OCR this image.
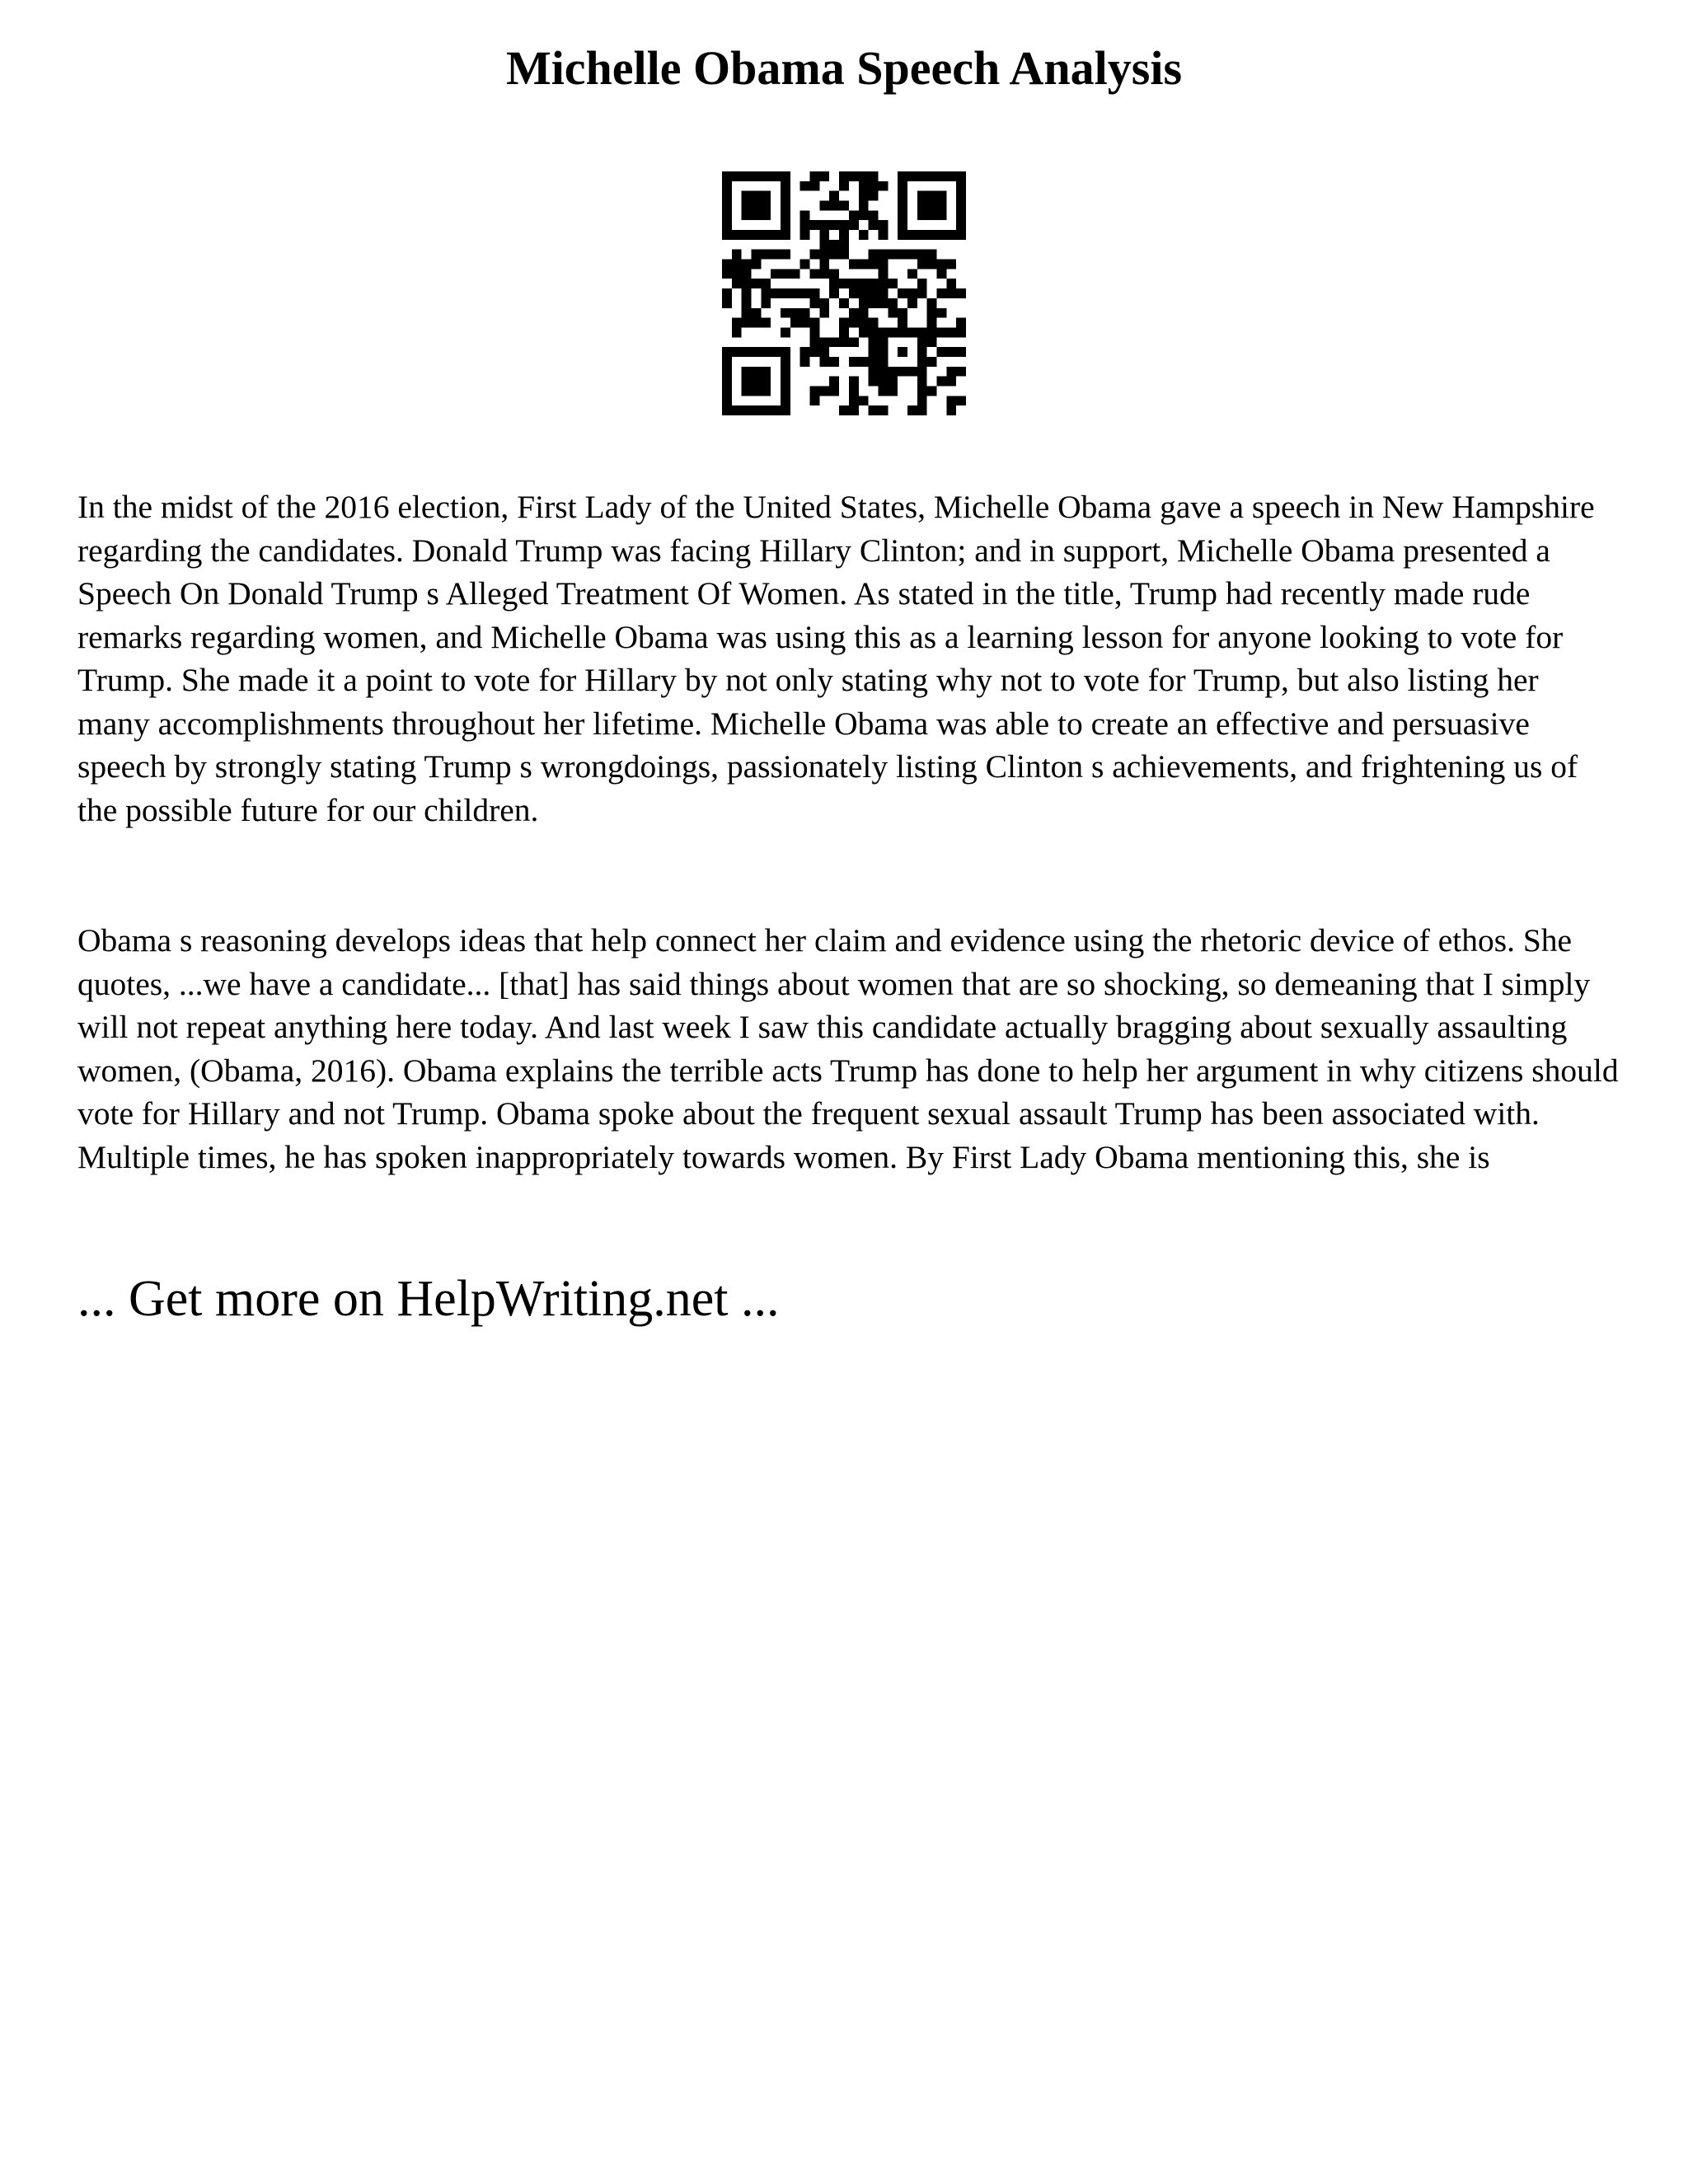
Michelle Obama Speech Analysis

In the midst of the 2016 election, First Lady of the United States, Michelle Obama gave a speech in New Hampshire regarding the candidates. Donald Trump was facing Hillary Clinton; and in support, Michelle Obama presented a Speech On Donald Trump s Alleged Treatment Of Women. As stated in the title, Trump had recently made rude remarks regarding women, and Michelle Obama was using this as a learning lesson for anyone looking to vote for Trump. She made it a point to vote for Hillary by not only stating why not to vote for Trump, but also listing her many accomplishments throughout her lifetime. Michelle Obama was able to create an effective and persuasive speech by strongly stating Trump s wrongdoings, passionately listing Clinton s achievements, and frightening us of the possible future for our children.

Obama s reasoning develops ideas that help connect her claim and evidence using the rhetoric device of ethos. She quotes, ...we have a candidate... [that] has said things about women that are so shocking, so demeaning that I simply will not repeat anything here today. And last week I saw this candidate actually bragging about sexually assaulting women, (Obama, 2016). Obama explains the terrible acts Trump has done to help her argument in why citizens should vote for Hillary and not Trump. Obama spoke about the frequent sexual assault Trump has been associated with. Multiple times, he has spoken inappropriately towards women. By First Lady Obama mentioning this, she is

... Get more on HelpWriting.net ...
